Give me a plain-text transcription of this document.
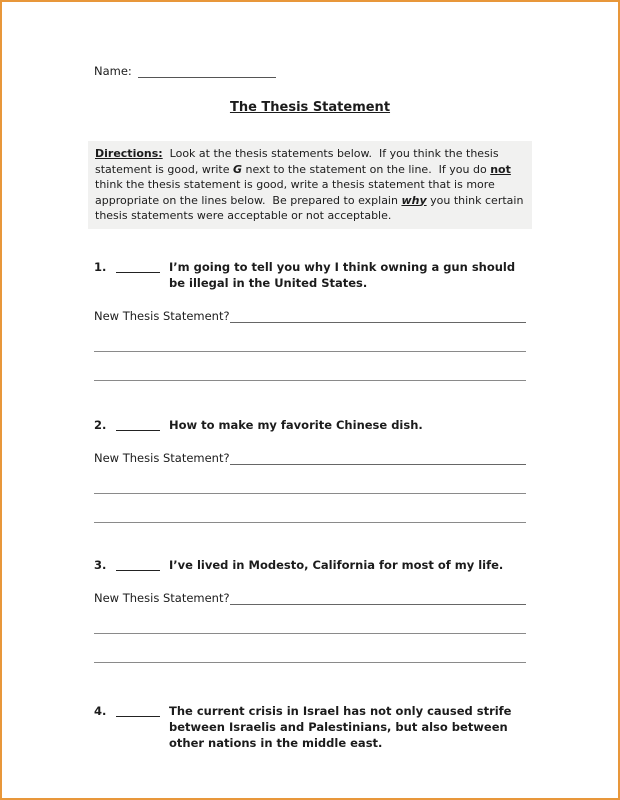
Name:
The Thesis Statement
Directions:  Look at the thesis statements below.  If you think the thesis statement is good, write G next to the statement on the line.  If you do not think the thesis statement is good, write a thesis statement that is more appropriate on the lines below.  Be prepared to explain why you think certain thesis statements were acceptable or not acceptable.
1.	I’m going to tell you why I think owning a gun should be illegal in the United States.
New Thesis Statement?
2.	How to make my favorite Chinese dish.
New Thesis Statement?
3.	I’ve lived in Modesto, California for most of my life.
New Thesis Statement?
4.	The current crisis in Israel has not only caused strife between Israelis and Palestinians, but also between other nations in the middle east.
